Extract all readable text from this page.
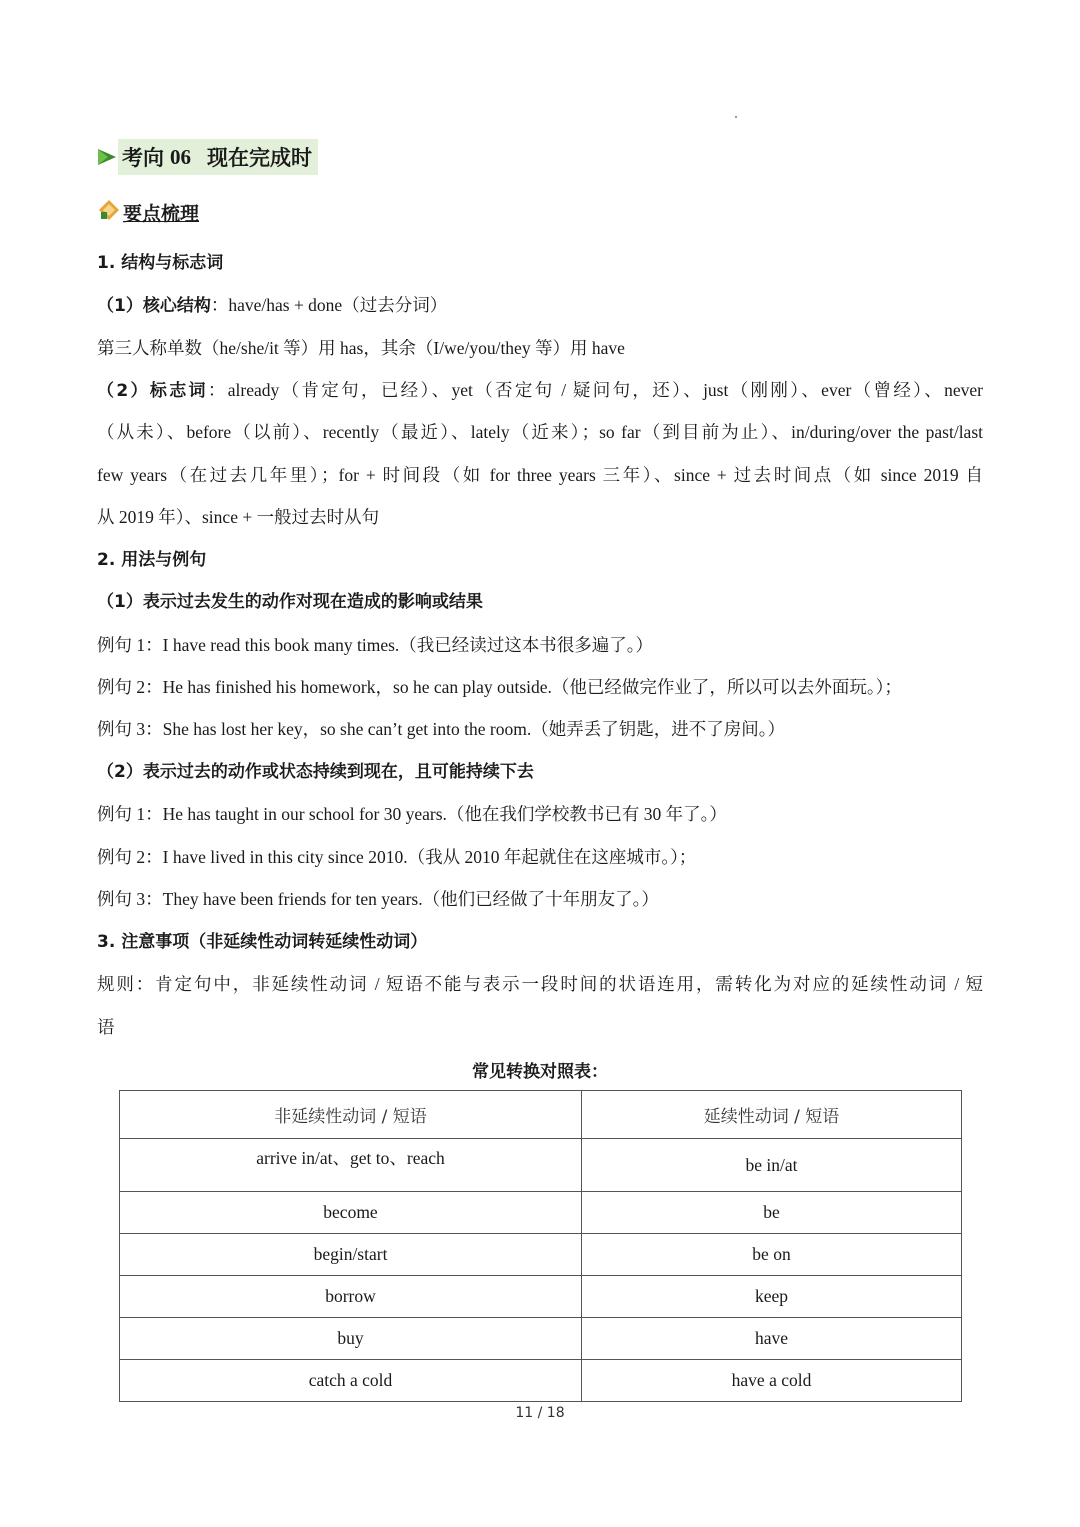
考向 06 现在完成时
要点梳理
1. 结构与标志词
（1）核心结构：have/has + done（过去分词）
第三人称单数（he/she/it 等）用 has，其余（I/we/you/they 等）用 have
（2）标志词：already（肯定句，已经）、yet（否定句 / 疑问句，还）、just（刚刚）、ever（曾经）、never
（从未）、before（以前）、recently（最近）、lately（近来）；so far（到目前为止）、in/during/over the past/last
few years（在过去几年里）；for + 时间段（如 for three years 三年）、since + 过去时间点（如 since 2019 自
从 2019 年）、since + 一般过去时从句
2. 用法与例句
（1）表示过去发生的动作对现在造成的影响或结果
例句 1：I have read this book many times.（我已经读过这本书很多遍了。）
例句 2：He has finished his homework，so he can play outside.（他已经做完作业了，所以可以去外面玩。）；
例句 3：She has lost her key，so she can’t get into the room.（她弄丢了钥匙，进不了房间。）
（2）表示过去的动作或状态持续到现在，且可能持续下去
例句 1：He has taught in our school for 30 years.（他在我们学校教书已有 30 年了。）
例句 2：I have lived in this city since 2010.（我从 2010 年起就住在这座城市。）；
例句 3：They have been friends for ten years.（他们已经做了十年朋友了。）
3. 注意事项（非延续性动词转延续性动词）
规则：肯定句中，非延续性动词 / 短语不能与表示一段时间的状语连用，需转化为对应的延续性动词 / 短
语
常见转换对照表：
非延续性动词 / 短语	延续性动词 / 短语
arrive in/at、get to、reach	be in/at
become	be
begin/start	be on
borrow	keep
buy	have
catch a cold	have a cold
11 / 18
